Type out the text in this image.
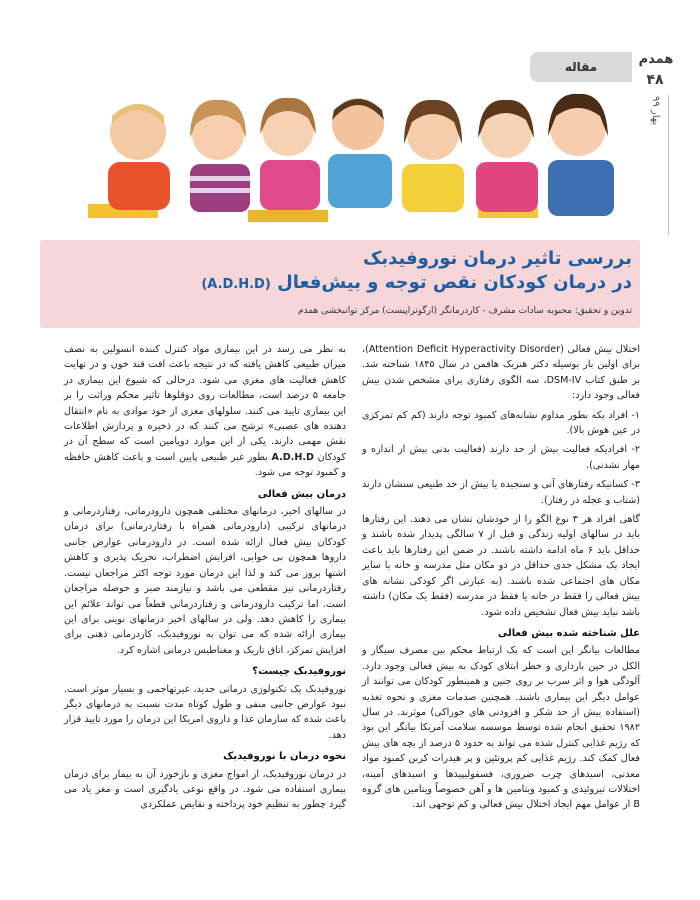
مقاله	همدم
۴۸
بهار ۹۹
بررسی تاثیر درمان نوروفیدبک
در درمان کودکان نقص توجه و بیش‌فعال (A.D.H.D)
تدوین و تحقیق: محبوبه سادات مشرف - کاردرمانگر (ارگوتراپیست) مرکز توانبخشی همدم

اختلال بیش فعالی (Attention Deficit Hyperactivity Disorder)، برای اولین بار بوسیله دکتر هنریک هافمن در سال ۱۸۴۵ شناخته شد. بر طبق کتاب DSM-IV، سه الگوی رفتاری برای مشخص شدن بیش فعالی وجود دارد:

۱- افراد یکه بطور مداوم نشانه‌های کمبود توجه دارند (کم کم تمرکزی در عین هوش بالا).

۲- افرادیکه فعالیت بیش از حد دارند (فعالیت بدنی بیش از اندازه و مهار نشدنی).

۳- کسانیکه رفتارهای آنی و سنجیده یا بیش از حد طبیعی سنشان دارند (شتاب و عجله در رفتار).

گاهی افراد هر ۳ نوع الگو را از خودشان نشان می دهند. این رفتارها باید در سالهای اولیه زندگی و قبل از ۷ سالگی پدیدار شده باشند و حداقل باید ۶ ماه ادامه داشته باشند. در ضمن این رفتارها باید باعث ایجاد یک مشکل جدی حداقل در دو مکان مثل مدرسه و خانه یا سایر مکان های اجتماعی شده باشند. (به عبارتی اگر کودکی نشانه های بیش فعالی را فقط در خانه یا فقط در مدرسه (فقط یک مکان) داشته باشد نباید بیش فعال تشخیص داده شود.

علل شناخته شده بیش فعالی

مطالعات بیانگر این است که یک ارتباط محکم بین مصرف سیگار و الکل در حین بارداری و خطر ابتلای کودک به بیش فعالی وجود دارد. آلودگی هوا و اثر سرب بر روی جنین و همینطور کودکان می توانند از عوامل دیگر این بیماری باشند. همچنین صدمات مغزی و نحوه تغذیه (استفاده بیش از حد شکر و افزودنی های خوراکی) موثرند. در سال ۱۹۸۲ تحقیق انجام شده توسط موسسه سلامت آمریکا بیانگر این بود که رژیم غذایی کنترل شده می تواند به حدود ۵ درصد از بچه های بیش فعال کمک کند. رژیم غذایی کم پروتئین و پر هیدرات کربن کمبود مواد معدنی، اسیدهای چرب ضروری، فسفولیپیدها و اسیدهای آمینه، اختلالات تیروئیدی و کمبود ویتامین ها و آهن خصوصاً ویتامین های گروه B از عوامل مهم ایجاد اختلال بیش فعالی و کم توجهی اند.

به نظر می رسد در این بیماری مواد کنترل کننده انسولین به نصف میزان طبیعی کاهش یافته که در نتیجه باعث افت قند خون و در نهایت کاهش فعالیت های مغزی می شود. درحالی که شیوع این بیماری در جامعه ۵ درصد است، مطالعات روی دوقلوها تاثیر محکم وراثت را بر این بیماری تایید می کنند. سلولهای مغزی از خود موادی به نام «انتقال دهنده های عصبی» ترشح می کنند که در ذخیره و پردازش اطلاعات نقش مهمی دارند. یکی از این موارد دوپامین است که سطح آن در کودکان A.D.H.D بطور غیر طبیعی پایین است و باعث کاهش حافظه و کمبود توجه می شود.

درمان بیش فعالی

در سالهای اخیر، درمانهای مختلفی همچون دارودرمانی، رفتاردرمانی و درمانهای ترکیبی (دارودرمانی همراه با رفتاردرمانی) برای درمان کودکان بیش فعال ارائه شده است. در دارودرمانی عوارض جانبی داروها همچون بی خوابی، افزایش اضطراب، تحریک پذیری و کاهش اشتها بروز می کند و لذا این درمان مورد توجه اکثر مراجعان نیست. رفتاردرمانی نیز مقطعی می باشد و نیازمند صبر و حوصله مراجعان است. اما ترکیب دارودرمانی و رفتاردرمانی قطعاً می تواند علائم این بیماری را کاهش دهد. ولی در سالهای اخیر درمانهای نوینی برای این بیماری ارائه شده که می توان به نوروفیدبک، کاردرمانی ذهنی برای افزایش تمرکز، اتاق تاریک و مغناطیس درمانی اشاره کرد.

نوروفیدبک چیست؟

نوروفیدبک یک تکنولوژی درمانی جدید، غیرتهاجمی و بسیار موثر است. نبود عوارض جانبی منفی و طول کوتاه مدت نسبت به درمانهای دیگر باعث شده که سازمان غذا و داروی امریکا این درمان را مورد تایید قرار دهد.

نحوه درمان با نوروفیدبک

در درمان نوروفیدبک، از امواج مغزی و بازخورد آن به بیمار برای درمان بیماری استفاده می شود. در واقع نوعی یادگیری است و مغز یاد می گیرد چطور به تنظیم خود پرداخته و نقایص عملکردی
